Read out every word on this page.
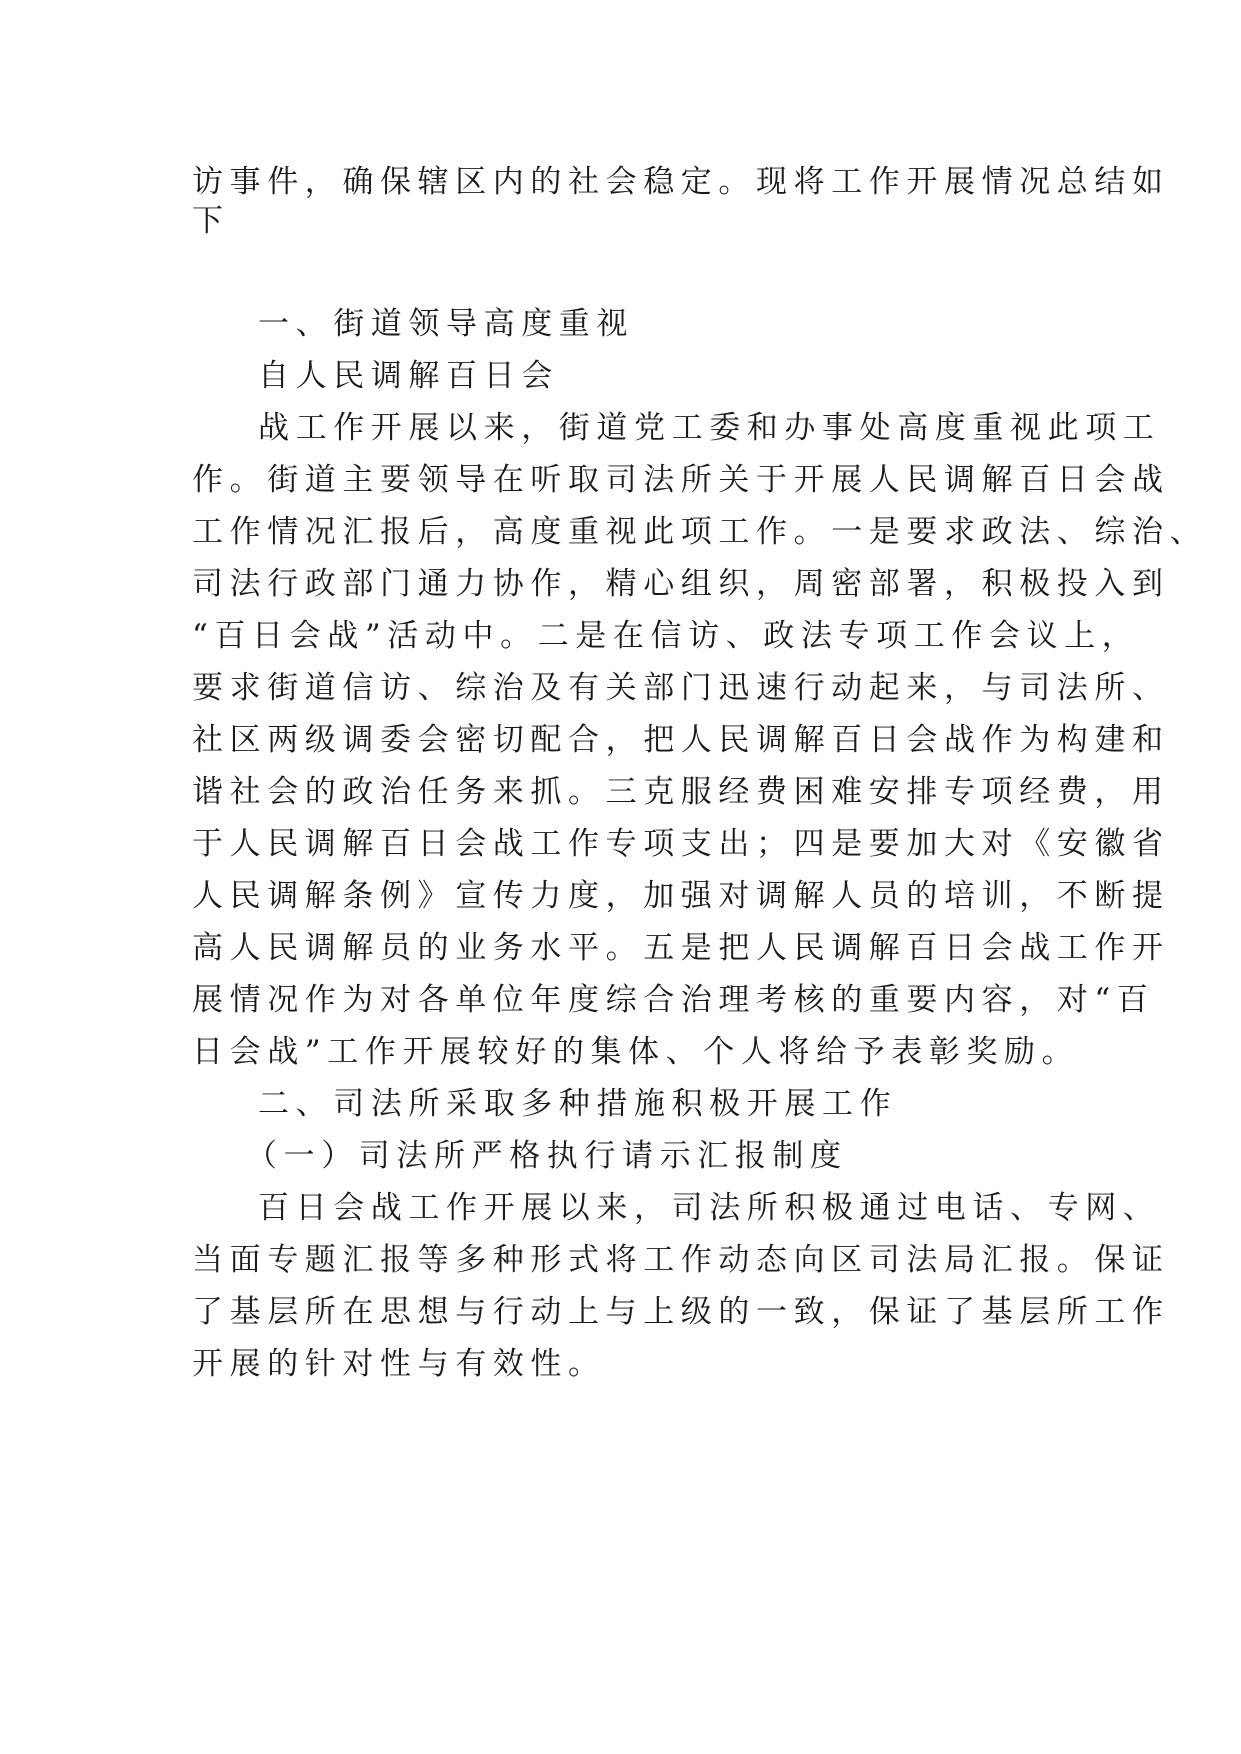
访事件，确保辖区内的社会稳定。现将工作开展情况总结如

下

一、街道领导高度重视

自人民调解百日会

战工作开展以来，街道党工委和办事处高度重视此项工

作。街道主要领导在听取司法所关于开展人民调解百日会战

工作情况汇报后，高度重视此项工作。一是要求政法、综治、

司法行政部门通力协作，精心组织，周密部署，积极投入到

“百日会战”活动中。二是在信访、政法专项工作会议上，

要求街道信访、综治及有关部门迅速行动起来，与司法所、

社区两级调委会密切配合，把人民调解百日会战作为构建和

谐社会的政治任务来抓。三克服经费困难安排专项经费，用

于人民调解百日会战工作专项支出；四是要加大对《安徽省

人民调解条例》宣传力度，加强对调解人员的培训，不断提

高人民调解员的业务水平。五是把人民调解百日会战工作开

展情况作为对各单位年度综合治理考核的重要内容，对“百

日会战”工作开展较好的集体、个人将给予表彰奖励。

二、司法所采取多种措施积极开展工作

（一）司法所严格执行请示汇报制度

百日会战工作开展以来，司法所积极通过电话、专网、

当面专题汇报等多种形式将工作动态向区司法局汇报。保证

了基层所在思想与行动上与上级的一致，保证了基层所工作

开展的针对性与有效性。
